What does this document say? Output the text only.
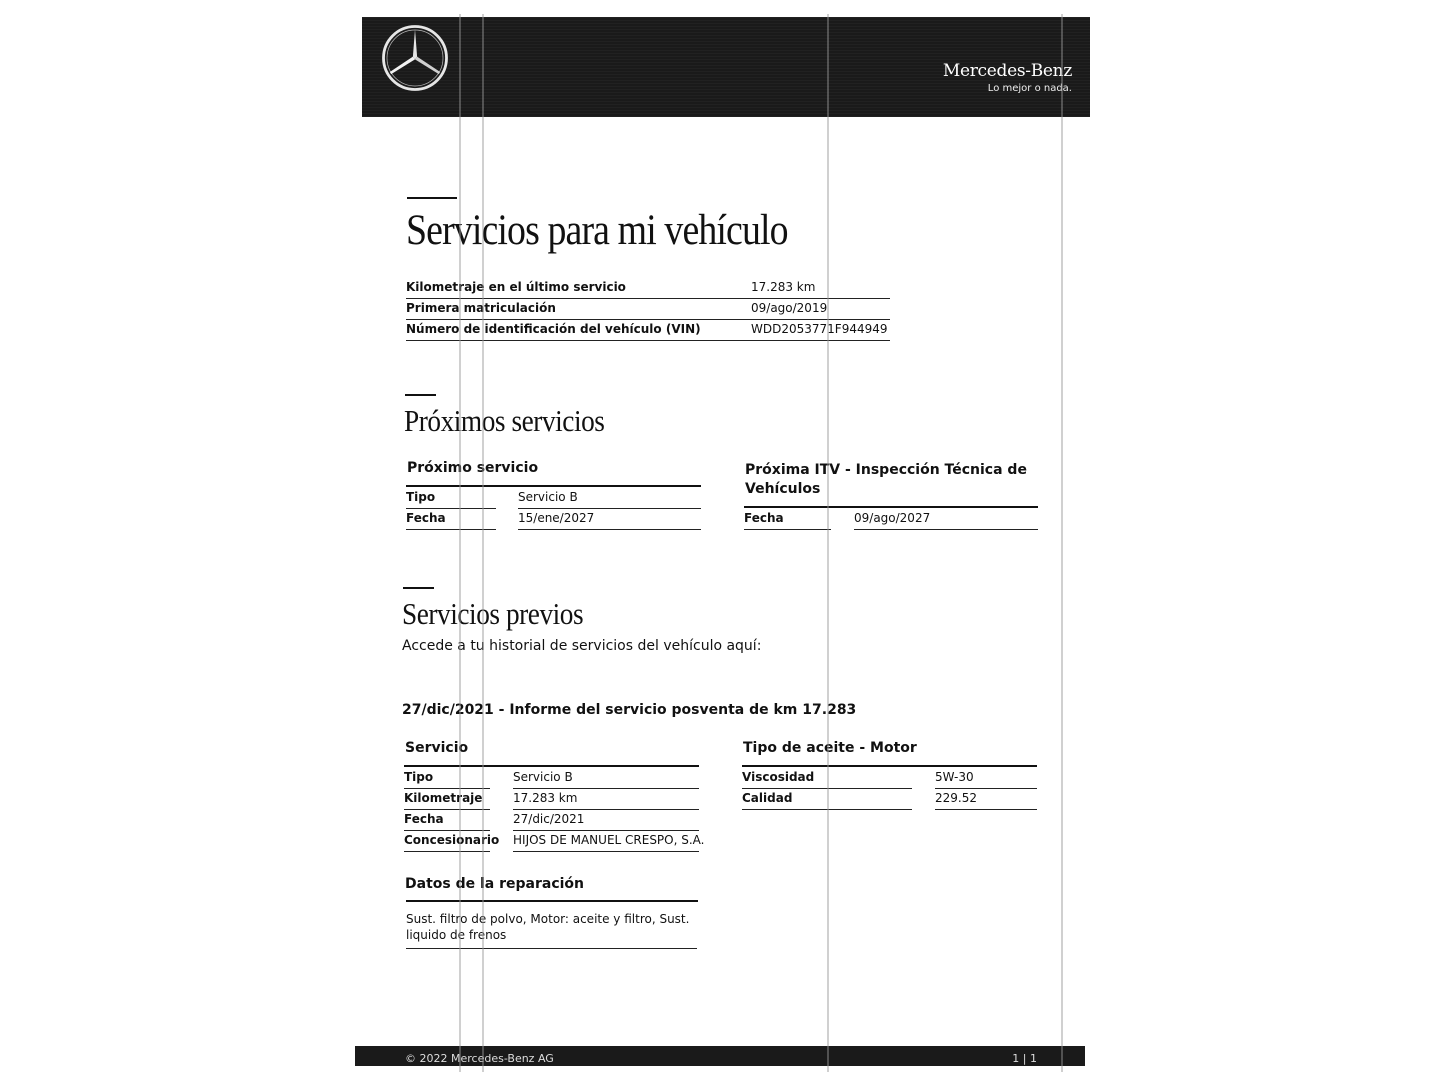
Mercedes-Benz
Lo mejor o nada.
Servicios para mi vehículo
Kilometraje en el último servicio	17.283 km
Primera matriculación	09/ago/2019
Número de identificación del vehículo (VIN)	WDD2053771F944949
Próximos servicios
Próximo servicio
Tipo	Servicio B
Fecha	15/ene/2027
Próxima ITV - Inspección Técnica de
Vehículos
Fecha	09/ago/2027
Servicios previos
Accede a tu historial de servicios del vehículo aquí:
27/dic/2021 - Informe del servicio posventa de km 17.283
Servicio
Tipo	Servicio B
Kilometraje	17.283 km
Fecha	27/dic/2021
Concesionario HIJOS DE MANUEL CRESPO, S.A.
Tipo de aceite - Motor
Viscosidad	5W-30
Calidad	229.52
Datos de la reparación
Sust. filtro de polvo, Motor: aceite y filtro, Sust. liquido de frenos
© 2022 Mercedes-Benz AG	1 | 1
